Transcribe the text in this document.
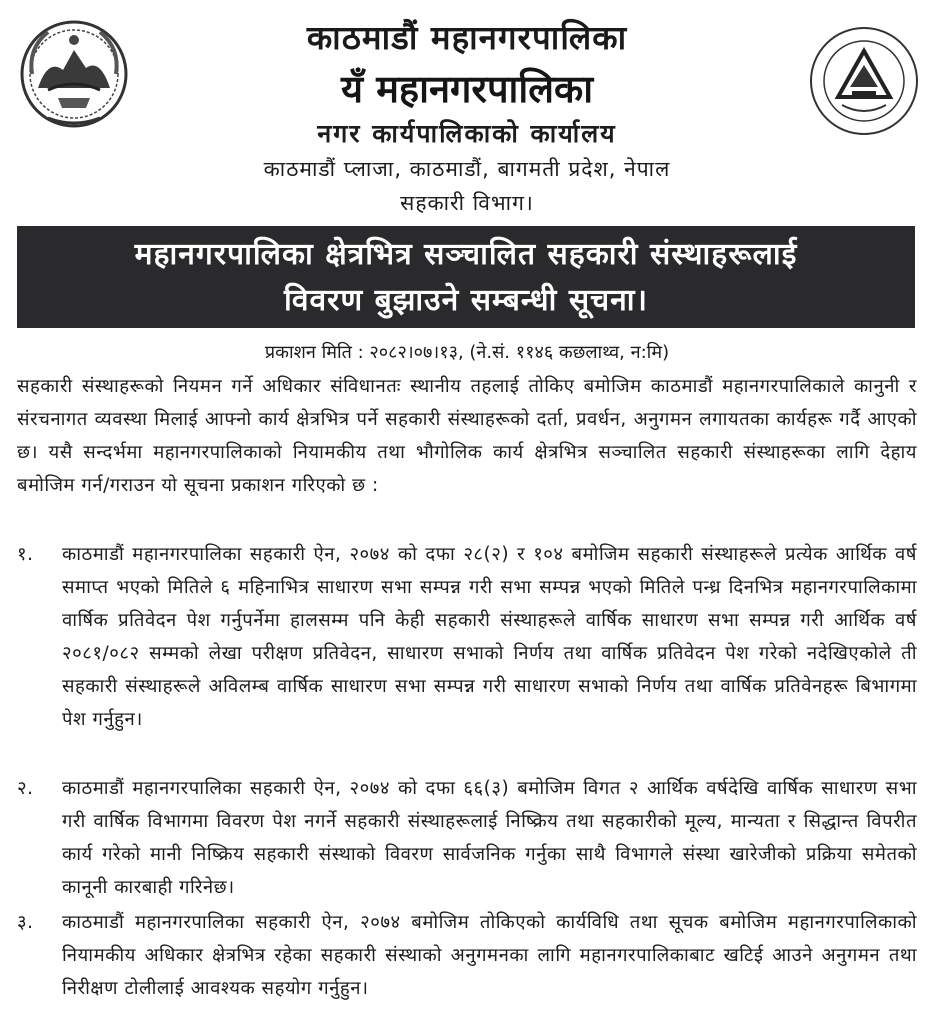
काठमाडौं महानगरपालिका
यँ महानगरपालिका
नगर कार्यपालिकाको कार्यालय
काठमाडौं प्लाजा, काठमाडौं, बागमती प्रदेश, नेपाल
सहकारी विभाग।
महानगरपालिका क्षेत्रभित्र सञ्चालित सहकारी संस्थाहरूलाई
विवरण बुझाउने सम्बन्धी सूचना।
प्रकाशन मिति : २०८२।०७।१३, (ने.सं. ११४६ कछलाथ्व, न:मि)
सहकारी संस्थाहरूको नियमन गर्ने अधिकार संविधानतः स्थानीय तहलाई तोकिए बमोजिम काठमाडौं महानगरपालिकाले कानुनी र संरचनागत व्यवस्था मिलाई आफ्नो कार्य क्षेत्रभित्र पर्ने सहकारी संस्थाहरूको दर्ता, प्रवर्धन, अनुगमन लगायतका कार्यहरू गर्दै आएको छ। यसै सन्दर्भमा महानगरपालिकाको नियामकीय तथा भौगोलिक कार्य क्षेत्रभित्र सञ्चालित सहकारी संस्थाहरूका लागि देहाय बमोजिम गर्न/गराउन यो सूचना प्रकाशन गरिएको छ :
१.	काठमाडौं महानगरपालिका सहकारी ऐन, २०७४ को दफा २८(२) र १०४ बमोजिम सहकारी संस्थाहरूले प्रत्येक आर्थिक वर्ष समाप्त भएको मितिले ६ महिनाभित्र साधारण सभा सम्पन्न गरी सभा सम्पन्न भएको मितिले पन्ध्र दिनभित्र महानगरपालिकामा वार्षिक प्रतिवेदन पेश गर्नुपर्नेमा हालसम्म पनि केही सहकारी संस्थाहरूले वार्षिक साधारण सभा सम्पन्न गरी आर्थिक वर्ष २०८१/०८२ सम्मको लेखा परीक्षण प्रतिवेदन, साधारण सभाको निर्णय तथा वार्षिक प्रतिवेदन पेश गरेको नदेखिएकोले ती सहकारी संस्थाहरूले अविलम्ब वार्षिक साधारण सभा सम्पन्न गरी साधारण सभाको निर्णय तथा वार्षिक प्रतिवेनहरू बिभागमा पेश गर्नुहुन।
२.	काठमाडौं महानगरपालिका सहकारी ऐन, २०७४ को दफा ६६(३) बमोजिम विगत २ आर्थिक वर्षदेखि वार्षिक साधारण सभा गरी वार्षिक विभागमा विवरण पेश नगर्ने सहकारी संस्थाहरूलाई निष्क्रिय तथा सहकारीको मूल्य, मान्यता र सिद्धान्त विपरीत कार्य गरेको मानी निष्क्रिय सहकारी संस्थाको विवरण सार्वजनिक गर्नुका साथै विभागले संस्था खारेजीको प्रक्रिया समेतको कानूनी कारबाही गरिनेछ।
३.	काठमाडौं महानगरपालिका सहकारी ऐन, २०७४ बमोजिम तोकिएको कार्यविधि तथा सूचक बमोजिम महानगरपालिकाको नियामकीय अधिकार क्षेत्रभित्र रहेका सहकारी संस्थाको अनुगमनका लागि महानगरपालिकाबाट खटिई आउने अनुगमन तथा निरीक्षण टोलीलाई आवश्यक सहयोग गर्नुहुन।
